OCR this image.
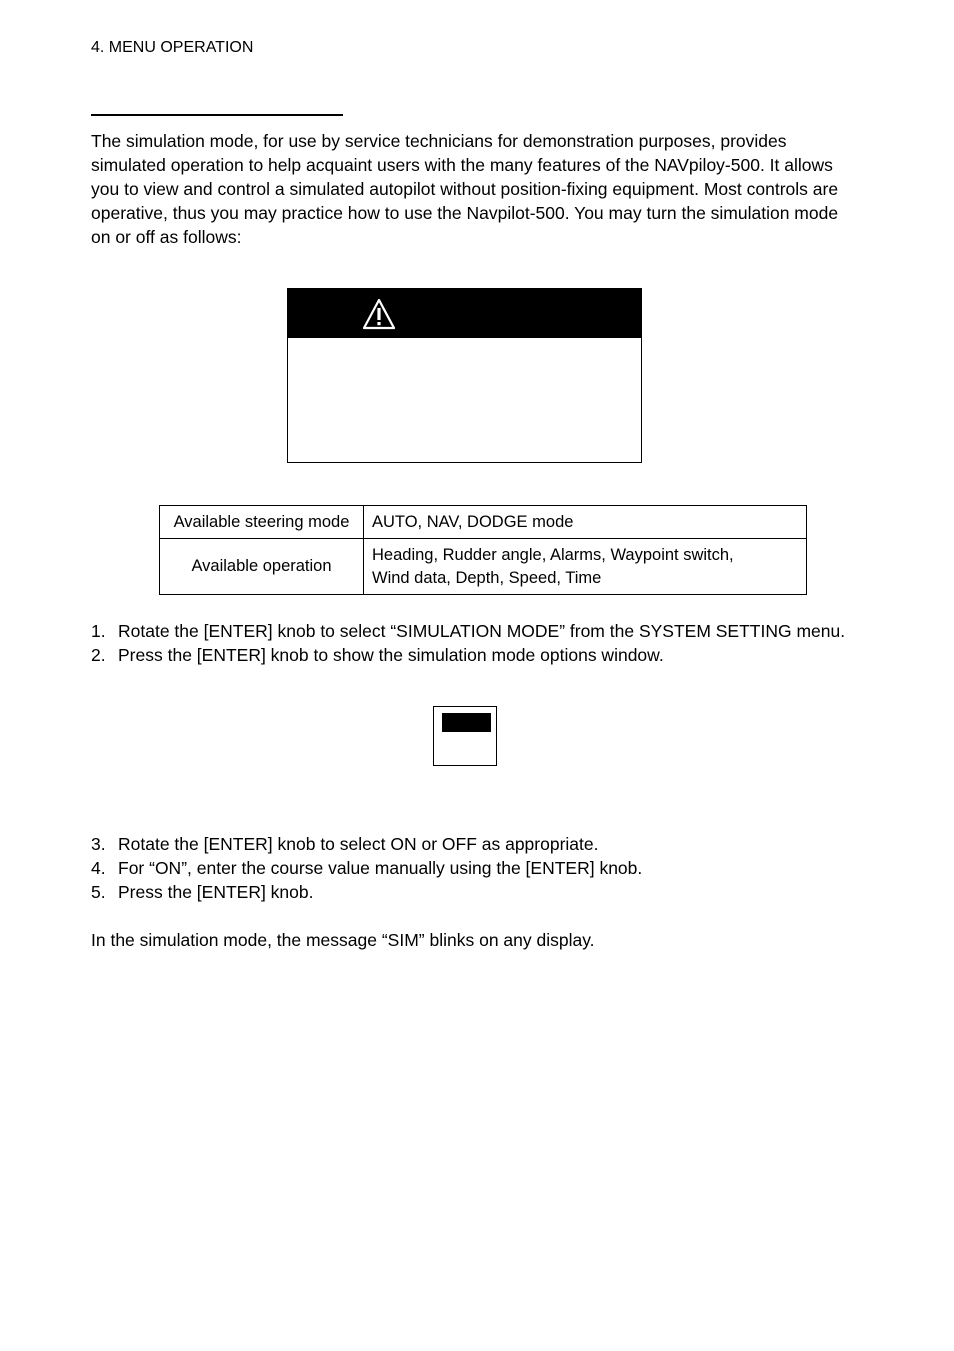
4. MENU OPERATION

The simulation mode, for use by service technicians for demonstration purposes, provides simulated operation to help acquaint users with the many features of the NAVpiloy-500. It allows you to view and control a simulated autopilot without position-fixing equipment. Most controls are operative, thus you may practice how to use the Navpilot-500. You may turn the simulation mode on or off as follows:

Available steering mode	AUTO, NAV, DODGE mode
Available operation	Heading, Rudder angle, Alarms, Waypoint switch,
Wind data, Depth, Speed, Time
1. Rotate the [ENTER] knob to select “SIMULATION MODE” from the SYSTEM SETTING menu.
2. Press the [ENTER] knob to show the simulation mode options window.
3. Rotate the [ENTER] knob to select ON or OFF as appropriate.
4. For “ON”, enter the course value manually using the [ENTER] knob.
5. Press the [ENTER] knob.

In the simulation mode, the message “SIM” blinks on any display.
